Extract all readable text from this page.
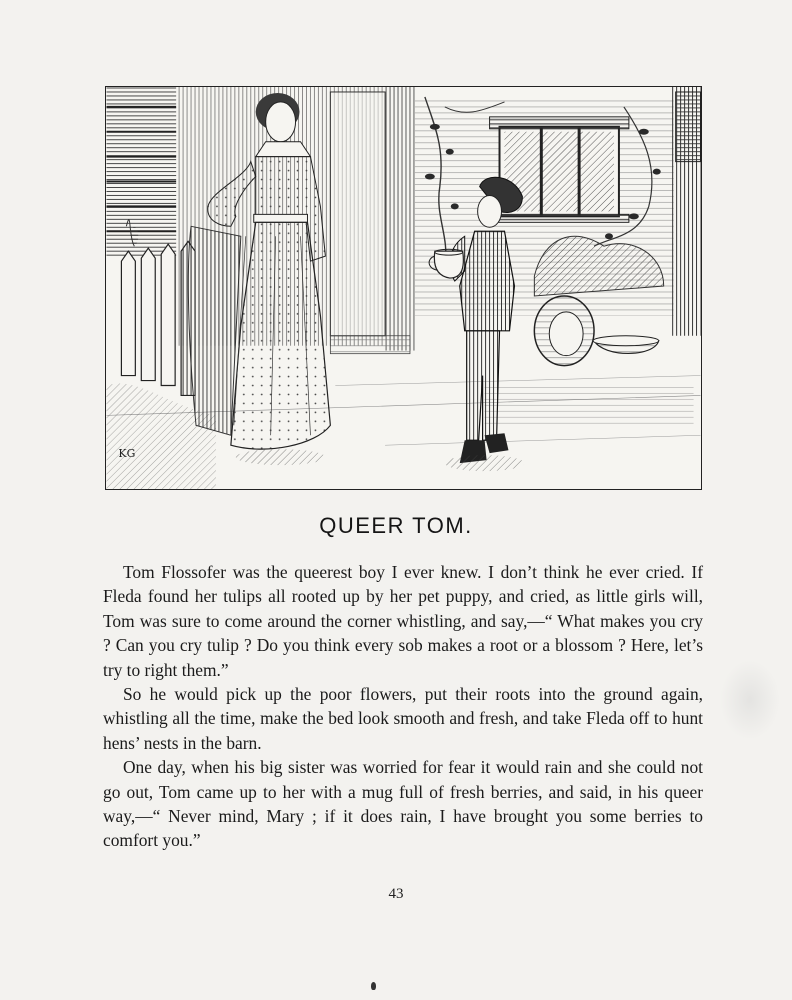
KG
QUEER TOM.

Tom Flossofer was the queerest boy I ever knew. I don’t think he ever cried. If Fleda found her tulips all rooted up by her pet puppy, and cried, as little girls will, Tom was sure to come around the corner whistling, and say,—“ What makes you cry ? Can you cry tulip ? Do you think every sob makes a root or a blossom ? Here, let’s try to right them.”

So he would pick up the poor flowers, put their roots into the ground again, whistling all the time, make the bed look smooth and fresh, and take Fleda off to hunt hens’ nests in the barn.

One day, when his big sister was worried for fear it would rain and she could not go out, Tom came up to her with a mug full of fresh berries, and said, in his queer way,—“ Never mind, Mary ; if it does rain, I have brought you some berries to comfort you.”

43
